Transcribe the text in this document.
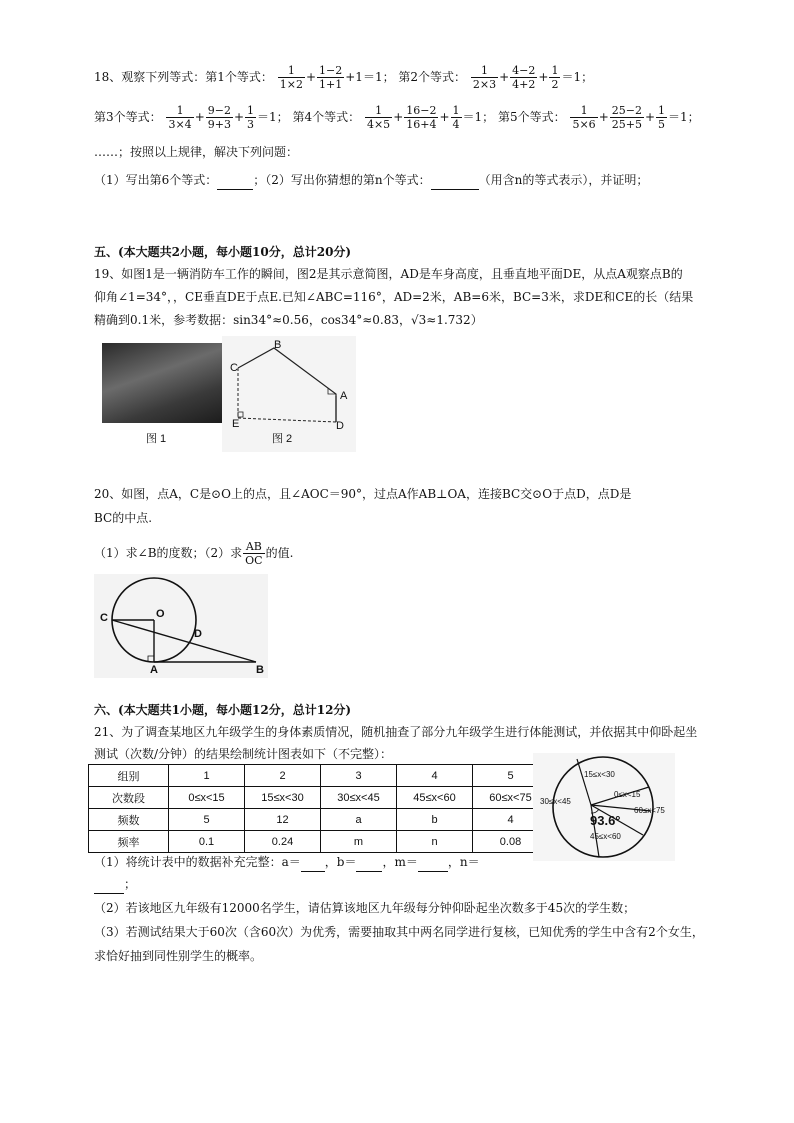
18、观察下列等式：第1个等式： $\frac{1}{1\times 2} + \frac{1-2}{1+1} +1=1$； 第2个等式： $\frac{1}{2\times 3} + \frac{4-2}{4+2} + \frac{1}{2} =1$；
第3个等式： $\frac{1}{3\times 4} + \frac{9-2}{9+3} + \frac{1}{3} =1$； 第4个等式： $\frac{1}{4\times 5} + \frac{16-2}{16+4} + \frac{1}{4} =1$； 第5个等式： $\frac{1}{5\times 6} + \frac{25-2}{25+5} + \frac{1}{5} =1$；
……；按照以上规律，解决下列问题：
（1）写出第6个等式：	；（2）写出你猜想的第n个等式：	（用含n的等式表示），并证明；
五、(本大题共2小题，每小题10分，总计20分)
19、如图1是一辆消防车工作的瞬间，图2是其示意简图，AD是车身高度，且垂直地平面DE，从点A观察点B的
仰角∠1=34°，，CE垂直DE于点E.已知∠ABC=116°，AD=2米，AB=6米，BC=3米，求DE和CE的长（结果
精确到0.1米，参考数据：sin34°≈0.56，cos34°≈0.83，√3≈1.732）
图 1
B
C
A
E	D
图 2
20、如图，点A，C是⊙O上的点，且∠AOC＝90°，过点A作AB⊥OA，连接BC交⊙O于点D，点D是
BC的中点.
（1）求∠B的度数；（2）求 $\frac{AB}{OC}$ 的值.
C	O
D
A	B
六、(本大题共1小题，每小题12分，总计12分)
21、为了调查某地区九年级学生的身体素质情况，随机抽查了部分九年级学生进行体能测试，并依据其中仰卧起坐
测试（次数/分钟）的结果绘制统计图表如下（不完整）：
组别	1	2	3	4	5
次数段	0≤x<15	15≤x<30	30≤x<45	45≤x<60	60≤x<75
频数	5	12	a	b	4
频率	0.1	0.24	m	n	0.08
15≤x<30
0≤x<15
60≤x<75
45≤x<60
30≤x<45
93.6°
（1）将统计表中的数据补充完整：a＝ ，b＝ ，m＝	，n＝
；
（2）若该地区九年级有12000名学生，请估算该地区九年级每分钟仰卧起坐次数多于45次的学生数；
（3）若测试结果大于60次（含60次）为优秀，需要抽取其中两名同学进行复核，已知优秀的学生中含有2个女生，
求恰好抽到同性别学生的概率。
